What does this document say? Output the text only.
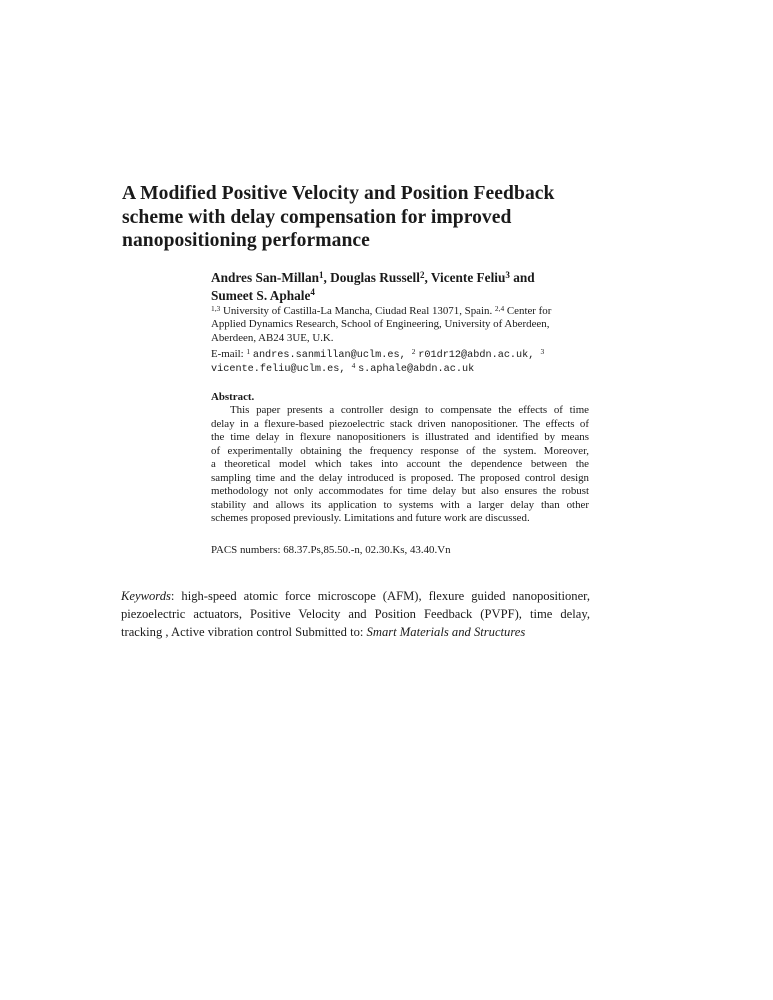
A Modified Positive Velocity and Position Feedback
scheme with delay compensation for improved
nanopositioning performance
Andres San-Millan$^1$, Douglas Russell$^2$, Vicente Feliu$^3$ and
Sumeet S. Aphale$^4$
$^{1,3}$ University of Castilla-La Mancha, Ciudad Real 13071, Spain. $^{2,4}$ Center for
Applied Dynamics Research, School of Engineering, University of Aberdeen,
Aberdeen, AB24 3UE, U.K.
E-mail: $^1$ andres.sanmillan@uclm.es, $^2$ r01dr12@abdn.ac.uk, $^3$
vicente.feliu@uclm.es, $^4$ s.aphale@abdn.ac.uk
Abstract.
This paper presents a controller design to compensate the effects of time
delay in a flexure-based piezoelectric stack driven nanopositioner. The effects of
the time delay in flexure nanopositioners is illustrated and identified by means
of experimentally obtaining the frequency response of the system. Moreover,
a theoretical model which takes into account the dependence between the
sampling time and the delay introduced is proposed. The proposed control design
methodology not only accommodates for time delay but also ensures the robust
stability and allows its application to systems with a larger delay than other
schemes proposed previously. Limitations and future work are discussed.
PACS numbers: 68.37.Ps,85.50.-n, 02.30.Ks, 43.40.Vn
Keywords: high-speed atomic force microscope (AFM), flexure guided nanopositioner,
piezoelectric actuators, Positive Velocity and Position Feedback (PVPF), time delay,
tracking , Active vibration control Submitted to: Smart Materials and Structures
